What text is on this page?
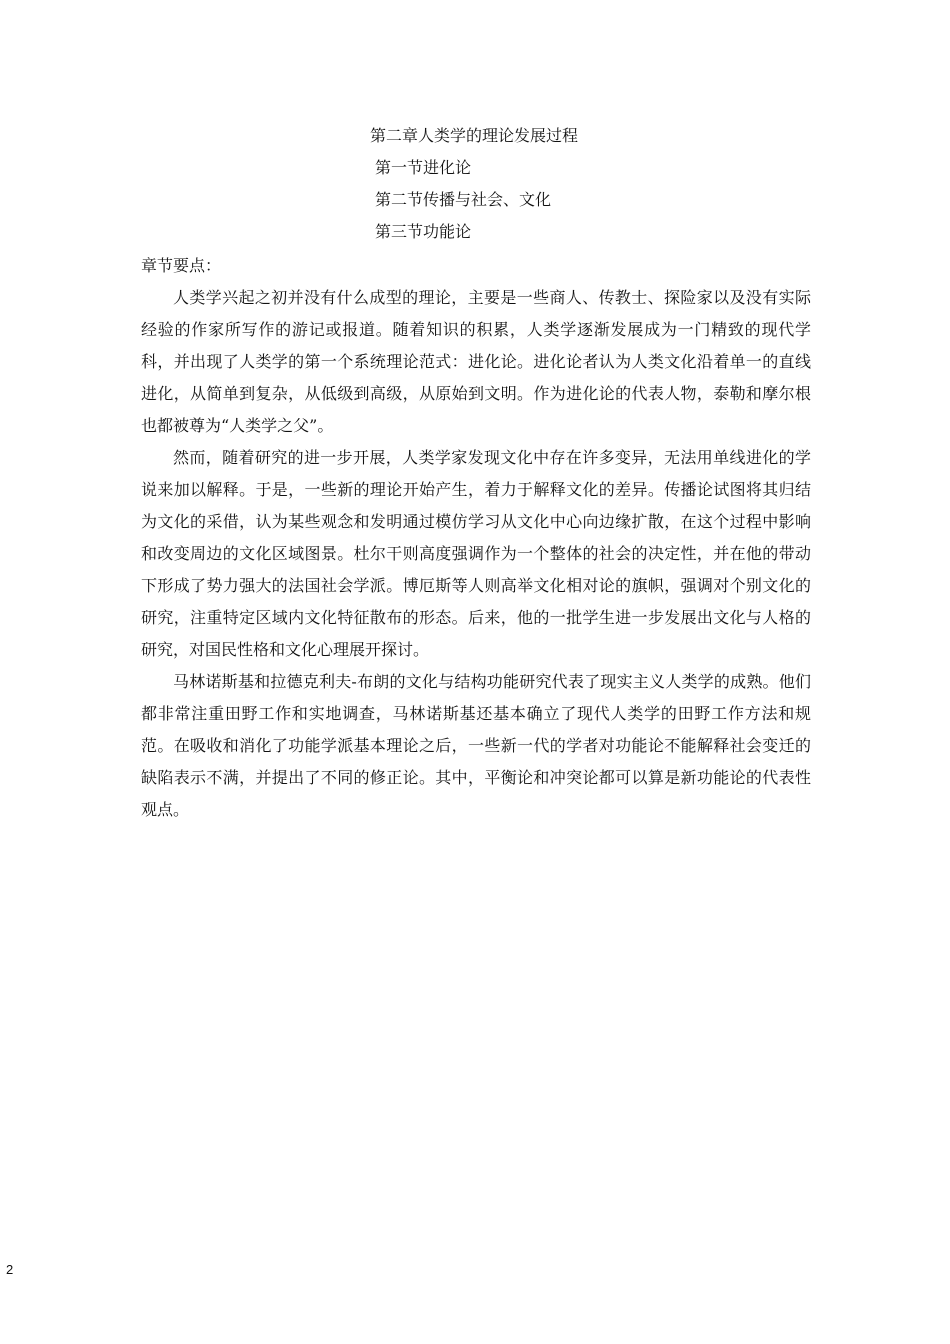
第二章人类学的理论发展过程
第一节进化论
第二节传播与社会、文化
第三节功能论
章节要点：

人类学兴起之初并没有什么成型的理论，主要是一些商人、传教士、探险家以及没有实际经验的作家所写作的游记或报道。随着知识的积累，人类学逐渐发展成为一门精致的现代学科，并出现了人类学的第一个系统理论范式：进化论。进化论者认为人类文化沿着单一的直线进化，从简单到复杂，从低级到高级，从原始到文明。作为进化论的代表人物，泰勒和摩尔根也都被尊为“人类学之父”。

然而，随着研究的进一步开展，人类学家发现文化中存在许多变异，无法用单线进化的学说来加以解释。于是，一些新的理论开始产生，着力于解释文化的差异。传播论试图将其归结为文化的采借，认为某些观念和发明通过模仿学习从文化中心向边缘扩散，在这个过程中影响和改变周边的文化区域图景。杜尔干则高度强调作为一个整体的社会的决定性，并在他的带动下形成了势力强大的法国社会学派。博厄斯等人则高举文化相对论的旗帜，强调对个别文化的研究，注重特定区域内文化特征散布的形态。后来，他的一批学生进一步发展出文化与人格的研究，对国民性格和文化心理展开探讨。

马林诺斯基和拉德克利夫-布朗的文化与结构功能研究代表了现实主义人类学的成熟。他们都非常注重田野工作和实地调查，马林诺斯基还基本确立了现代人类学的田野工作方法和规范。在吸收和消化了功能学派基本理论之后，一些新一代的学者对功能论不能解释社会变迁的缺陷表示不满，并提出了不同的修正论。其中，平衡论和冲突论都可以算是新功能论的代表性观点。

2
